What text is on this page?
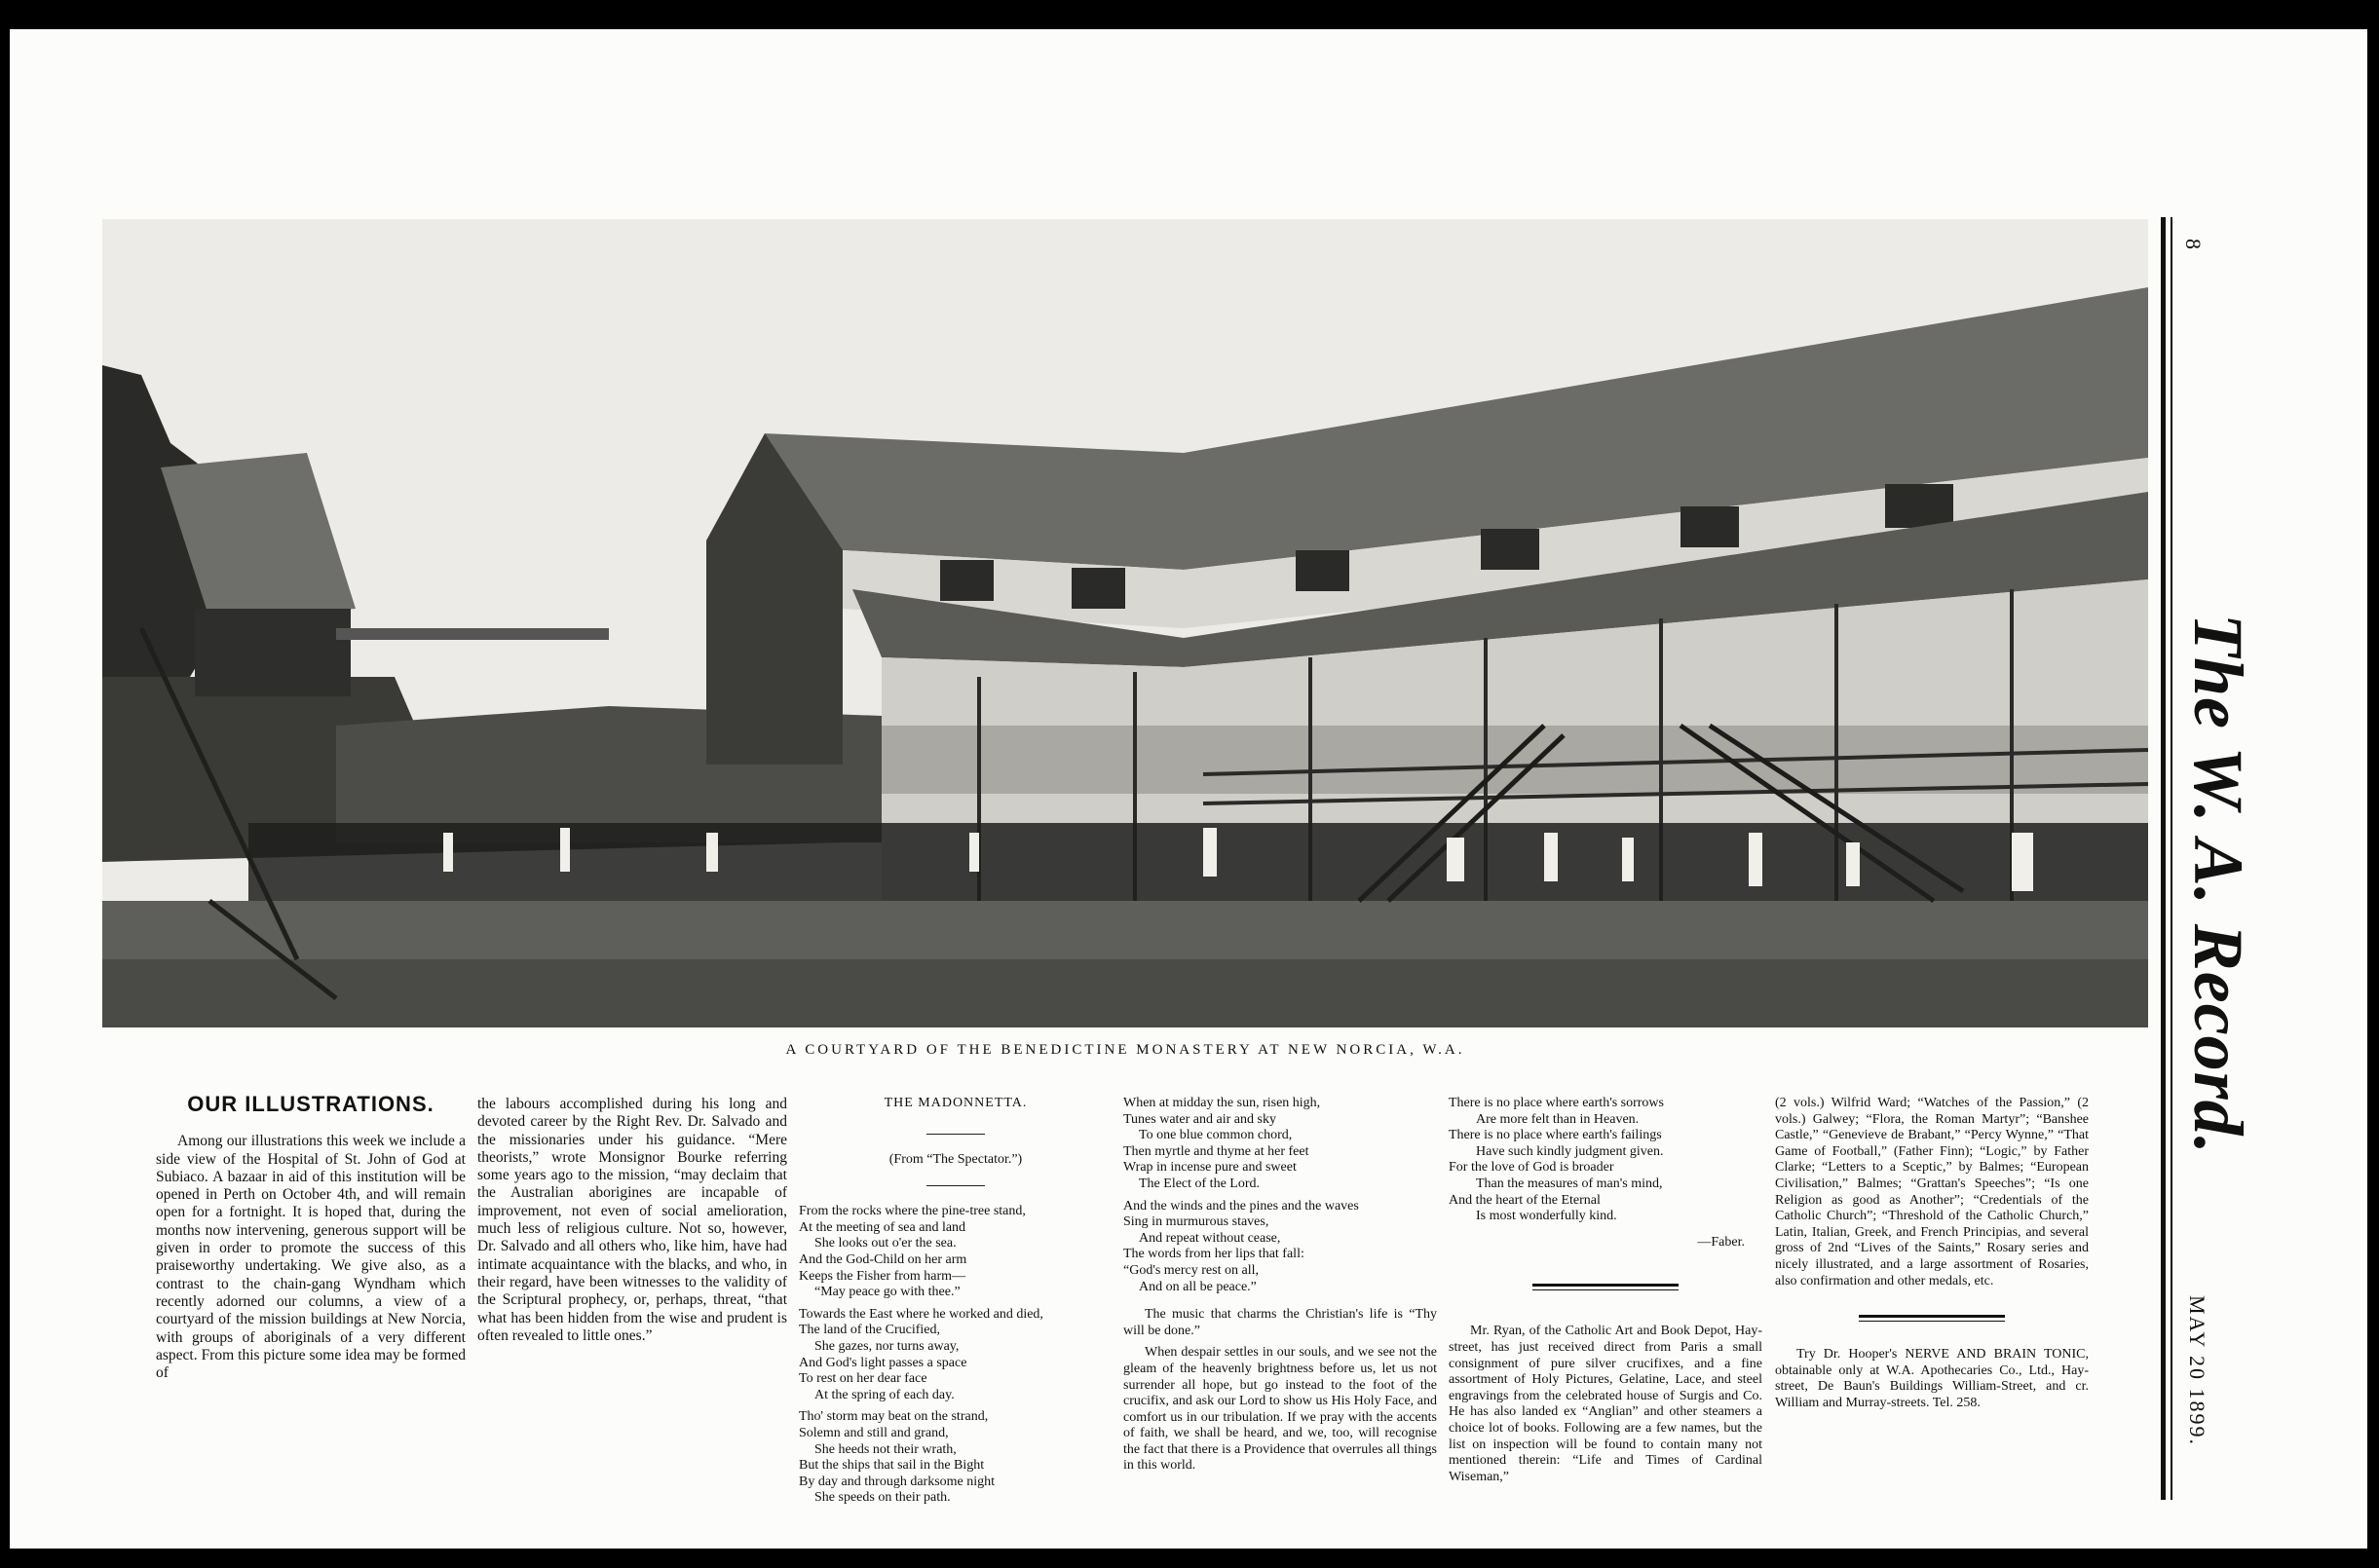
A COURTYARD OF THE BENEDICTINE MONASTERY AT NEW NORCIA, W.A.
8
The W. A. Record.
MAY 20 1899.
OUR ILLUSTRATIONS.

Among our illustrations this week we include a side view of the Hospital of St. John of God at Subiaco. A bazaar in aid of this institution will be opened in Perth on October 4th, and will remain open for a fortnight. It is hoped that, during the months now intervening, generous support will be given in order to promote the success of this praiseworthy undertaking. We give also, as a contrast to the chain-gang Wyndham which recently adorned our columns, a view of a courtyard of the mission buildings at New Norcia, with groups of aboriginals of a very different aspect. From this picture some idea may be formed of

the labours accomplished during his long and devoted career by the Right Rev. Dr. Salvado and the missionaries under his guidance. “Mere theorists,” wrote Monsignor Bourke referring some years ago to the mission, “may declaim that the Australian aborigines are incapable of improvement, not even of social amelioration, much less of religious culture. Not so, however, Dr. Salvado and all others who, like him, have had intimate acquaintance with the blacks, and who, in their regard, have been witnesses to the validity of the Scriptural prophecy, or, perhaps, threat, “that what has been hidden from the wise and prudent is often revealed to little ones.”

THE MADONNETTA.
(From “The Spectator.”)
From the rocks where the pine-tree stand,
At the meeting of sea and land
She looks out o'er the sea.
And the God-Child on her arm
Keeps the Fisher from harm—
“May peace go with thee.”
Towards the East where he worked and died,
The land of the Crucified,
She gazes, nor turns away,
And God's light passes a space
To rest on her dear face
At the spring of each day.
Tho' storm may beat on the strand,
Solemn and still and grand,
She heeds not their wrath,
But the ships that sail in the Bight
By day and through darksome night
She speeds on their path.
When at midday the sun, risen high,
Tunes water and air and sky
To one blue common chord,
Then myrtle and thyme at her feet
Wrap in incense pure and sweet
The Elect of the Lord.
And the winds and the pines and the waves
Sing in murmurous staves,
And repeat without cease,
The words from her lips that fall:
“God's mercy rest on all,
And on all be peace.”

The music that charms the Christian's life is “Thy will be done.”

When despair settles in our souls, and we see not the gleam of the heavenly brightness before us, let us not surrender all hope, but go instead to the foot of the crucifix, and ask our Lord to show us His Holy Face, and comfort us in our tribulation. If we pray with the accents of faith, we shall be heard, and we, too, will recognise the fact that there is a Providence that overrules all things in this world.

There is no place where earth's sorrows
Are more felt than in Heaven.
There is no place where earth's failings
Have such kindly judgment given.
For the love of God is broader
Than the measures of man's mind,
And the heart of the Eternal
Is most wonderfully kind.
—Faber.

Mr. Ryan, of the Catholic Art and Book Depot, Hay-street, has just received direct from Paris a small consignment of pure silver crucifixes, and a fine assortment of Holy Pictures, Gelatine, Lace, and steel engravings from the celebrated house of Surgis and Co. He has also landed ex “Anglian” and other steamers a choice lot of books. Following are a few names, but the list on inspection will be found to contain many not mentioned therein: “Life and Times of Cardinal Wiseman,”

(2 vols.) Wilfrid Ward; “Watches of the Passion,” (2 vols.) Galwey; “Flora, the Roman Martyr”; “Banshee Castle,” “Genevieve de Brabant,” “Percy Wynne,” “That Game of Football,” (Father Finn); “Logic,” by Father Clarke; “Letters to a Sceptic,” by Balmes; “European Civilisation,” Balmes; “Grattan's Speeches”; “Is one Religion as good as Another”; “Credentials of the Catholic Church”; “Threshold of the Catholic Church,” Latin, Italian, Greek, and French Principias, and several gross of 2nd “Lives of the Saints,” Rosary series and nicely illustrated, and a large assortment of Rosaries, also confirmation and other medals, etc.

Try Dr. Hooper's NERVE AND BRAIN TONIC, obtainable only at W.A. Apothecaries Co., Ltd., Hay-street, De Baun's Buildings William-Street, and cr. William and Murray-streets. Tel. 258.
